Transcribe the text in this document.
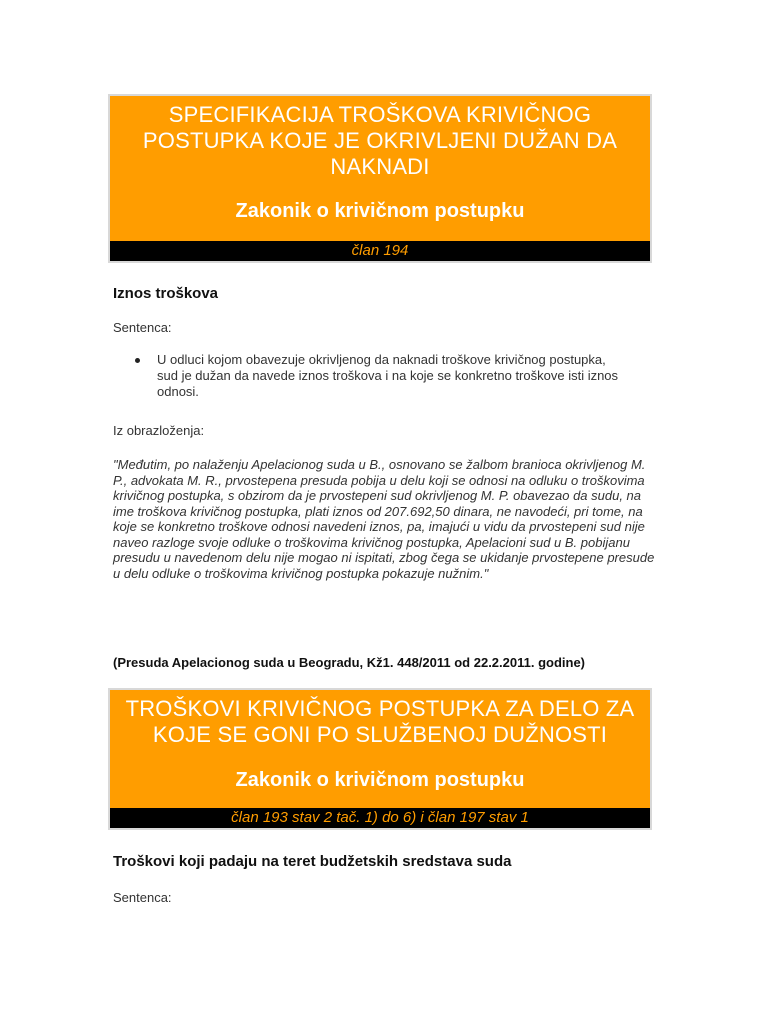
SPECIFIKACIJA TROŠKOVA KRIVIČNOG POSTUPKA KOJE JE OKRIVLJENI DUŽAN DA NAKNADI
Zakonik o krivičnom postupku
član 194
Iznos troškova
Sentenca:
U odluci kojom obavezuje okrivljenog da naknadi troškove krivičnog postupka, sud je dužan da navede iznos troškova i na koje se konkretno troškove isti iznos odnosi.
Iz obrazloženja:
"Međutim, po nalaženju Apelacionog suda u B., osnovano se žalbom branioca okrivljenog M. P., advokata M. R., prvostepena presuda pobija u delu koji se odnosi na odluku o troškovima krivičnog postupka, s obzirom da je prvostepeni sud okrivljenog M. P. obavezao da sudu, na ime troškova krivičnog postupka, plati iznos od 207.692,50 dinara, ne navodeći, pri tome, na koje se konkretno troškove odnosi navedeni iznos, pa, imajući u vidu da prvostepeni sud nije naveo razloge svoje odluke o troškovima krivičnog postupka, Apelacioni sud u B. pobijanu presudu u navedenom delu nije mogao ni ispitati, zbog čega se ukidanje prvostepene presude u delu odluke o troškovima krivičnog postupka pokazuje nužnim."
(Presuda Apelacionog suda u Beogradu, Kž1. 448/2011 od 22.2.2011. godine)
TROŠKOVI KRIVIČNOG POSTUPKA ZA DELO ZA KOJE SE GONI PO SLUŽBENOJ DUŽNOSTI
Zakonik o krivičnom postupku
član 193 stav 2 tač. 1) do 6) i član 197 stav 1
Troškovi koji padaju na teret budžetskih sredstava suda
Sentenca:
